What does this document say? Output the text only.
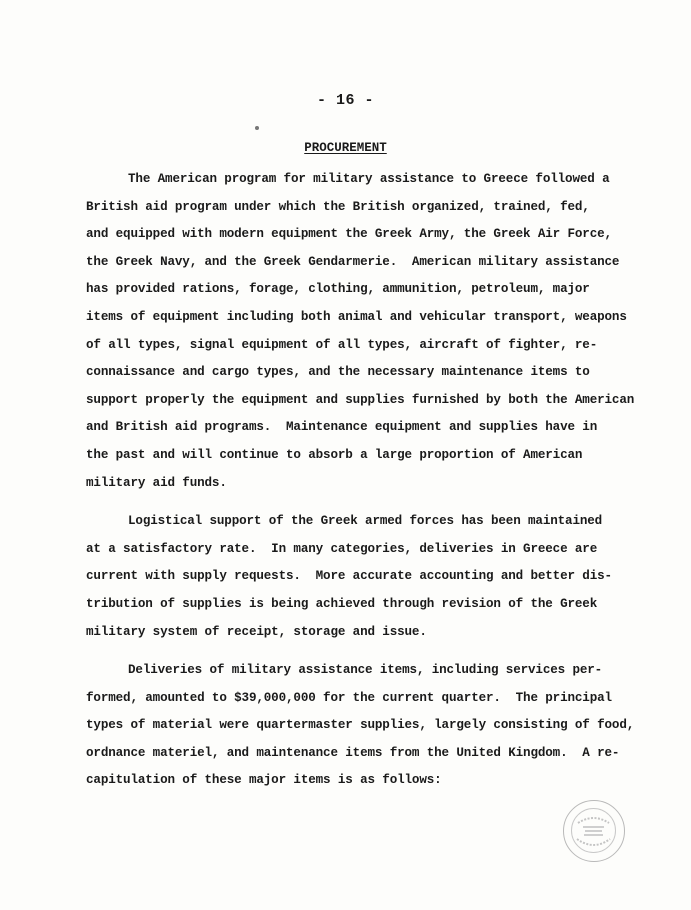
- 16 -
PROCUREMENT
The American program for military assistance to Greece followed a
British aid program under which the British organized, trained, fed,
and equipped with modern equipment the Greek Army, the Greek Air Force,
the Greek Navy, and the Greek Gendarmerie.  American military assistance
has provided rations, forage, clothing, ammunition, petroleum, major
items of equipment including both animal and vehicular transport, weapons
of all types, signal equipment of all types, aircraft of fighter, re-
connaissance and cargo types, and the necessary maintenance items to
support properly the equipment and supplies furnished by both the American
and British aid programs.  Maintenance equipment and supplies have in
the past and will continue to absorb a large proportion of American
military aid funds.
Logistical support of the Greek armed forces has been maintained
at a satisfactory rate.  In many categories, deliveries in Greece are
current with supply requests.  More accurate accounting and better dis-
tribution of supplies is being achieved through revision of the Greek
military system of receipt, storage and issue.
Deliveries of military assistance items, including services per-
formed, amounted to $39,000,000 for the current quarter.  The principal
types of material were quartermaster supplies, largely consisting of food,
ordnance materiel, and maintenance items from the United Kingdom.  A re-
capitulation of these major items is as follows:
